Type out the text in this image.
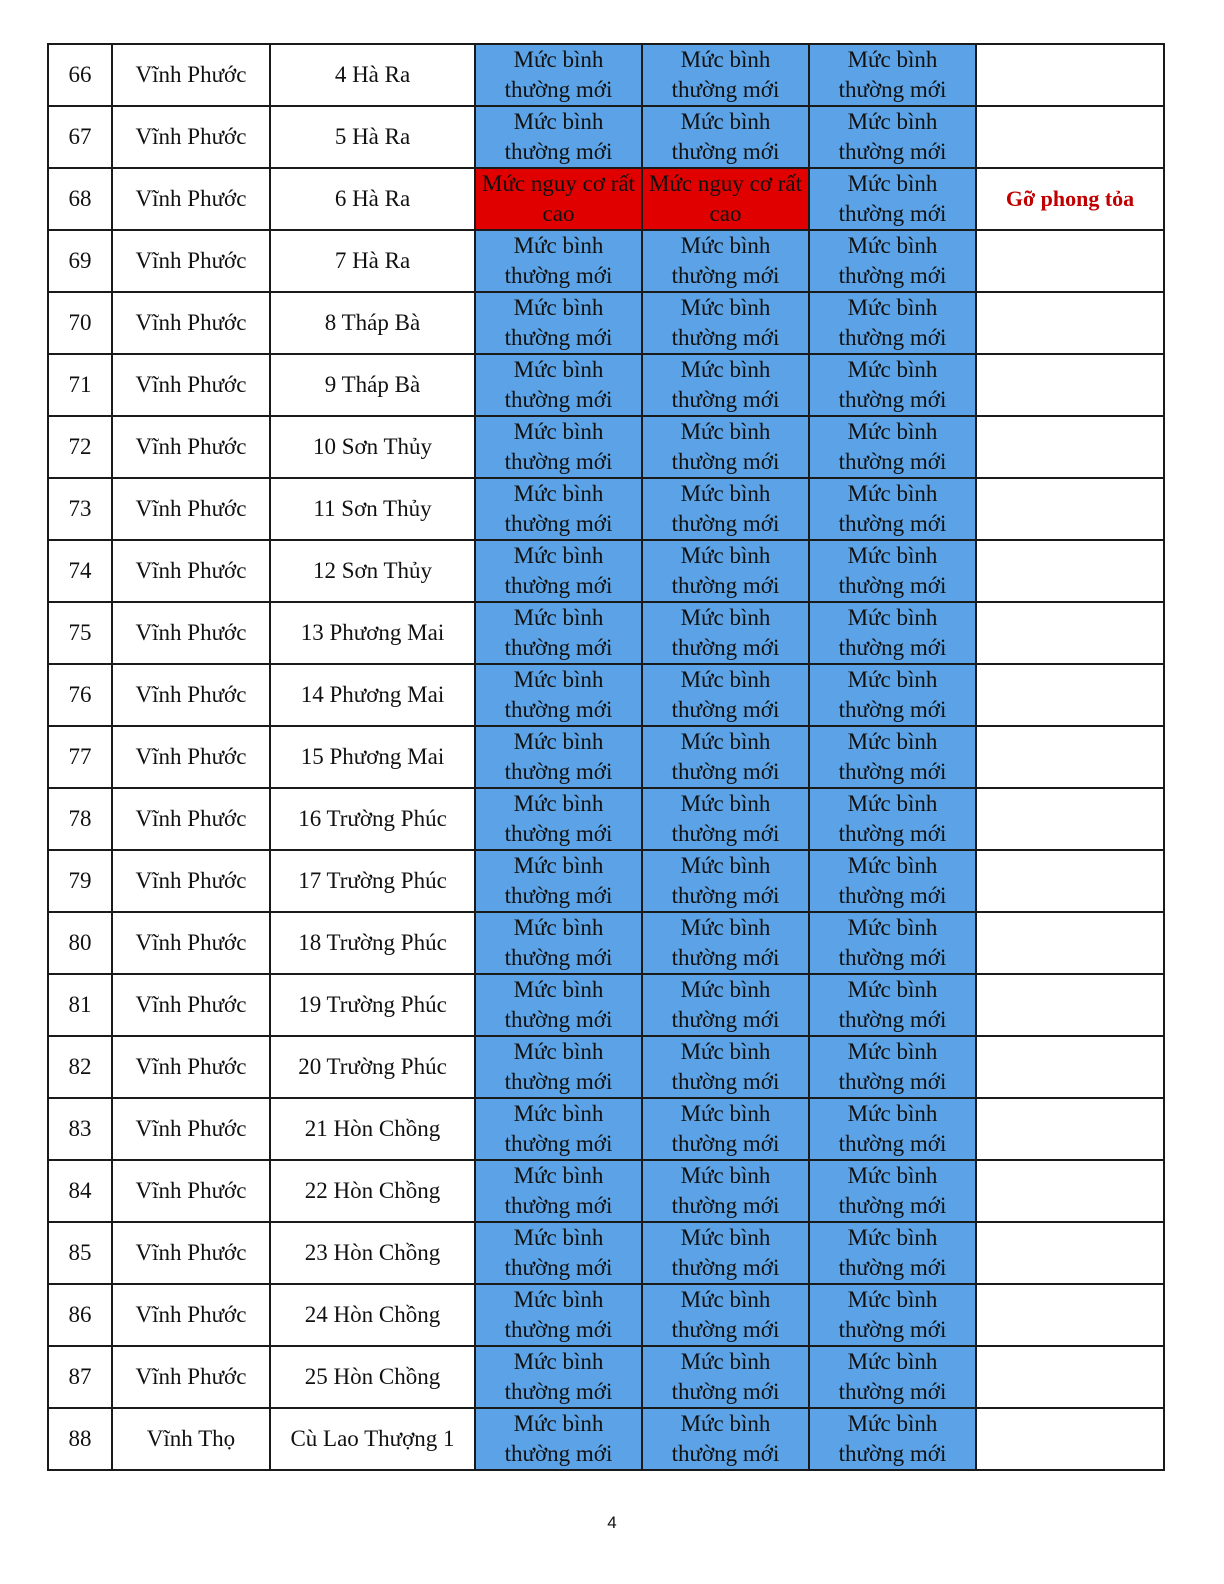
66	Vĩnh Phước	4 Hà Ra	Mức bình thường mới	Mức bình thường mới	Mức bình thường mới	

67	Vĩnh Phước	5 Hà Ra	Mức bình thường mới	Mức bình thường mới	Mức bình thường mới	

68	Vĩnh Phước	6 Hà Ra	Mức nguy cơ rất cao	Mức nguy cơ rất cao	Mức bình thường mới	Gỡ phong tỏa
69	Vĩnh Phước	7 Hà Ra	Mức bình thường mới	Mức bình thường mới	Mức bình thường mới	

70	Vĩnh Phước	8 Tháp Bà	Mức bình thường mới	Mức bình thường mới	Mức bình thường mới	

71	Vĩnh Phước	9 Tháp Bà	Mức bình thường mới	Mức bình thường mới	Mức bình thường mới	

72	Vĩnh Phước	10 Sơn Thủy	Mức bình thường mới	Mức bình thường mới	Mức bình thường mới	

73	Vĩnh Phước	11 Sơn Thủy	Mức bình thường mới	Mức bình thường mới	Mức bình thường mới	

74	Vĩnh Phước	12 Sơn Thủy	Mức bình thường mới	Mức bình thường mới	Mức bình thường mới	

75	Vĩnh Phước	13 Phương Mai	Mức bình thường mới	Mức bình thường mới	Mức bình thường mới	

76	Vĩnh Phước	14 Phương Mai	Mức bình thường mới	Mức bình thường mới	Mức bình thường mới	

77	Vĩnh Phước	15 Phương Mai	Mức bình thường mới	Mức bình thường mới	Mức bình thường mới	

78	Vĩnh Phước	16 Trường Phúc	Mức bình thường mới	Mức bình thường mới	Mức bình thường mới	

79	Vĩnh Phước	17 Trường Phúc	Mức bình thường mới	Mức bình thường mới	Mức bình thường mới	

80	Vĩnh Phước	18 Trường Phúc	Mức bình thường mới	Mức bình thường mới	Mức bình thường mới	

81	Vĩnh Phước	19 Trường Phúc	Mức bình thường mới	Mức bình thường mới	Mức bình thường mới	

82	Vĩnh Phước	20 Trường Phúc	Mức bình thường mới	Mức bình thường mới	Mức bình thường mới	

83	Vĩnh Phước	21 Hòn Chồng	Mức bình thường mới	Mức bình thường mới	Mức bình thường mới	

84	Vĩnh Phước	22 Hòn Chồng	Mức bình thường mới	Mức bình thường mới	Mức bình thường mới	

85	Vĩnh Phước	23 Hòn Chồng	Mức bình thường mới	Mức bình thường mới	Mức bình thường mới	

86	Vĩnh Phước	24 Hòn Chồng	Mức bình thường mới	Mức bình thường mới	Mức bình thường mới	

87	Vĩnh Phước	25 Hòn Chồng	Mức bình thường mới	Mức bình thường mới	Mức bình thường mới	

88	Vĩnh Thọ	Cù Lao Thượng 1	Mức bình thường mới	Mức bình thường mới	Mức bình thường mới	

4
